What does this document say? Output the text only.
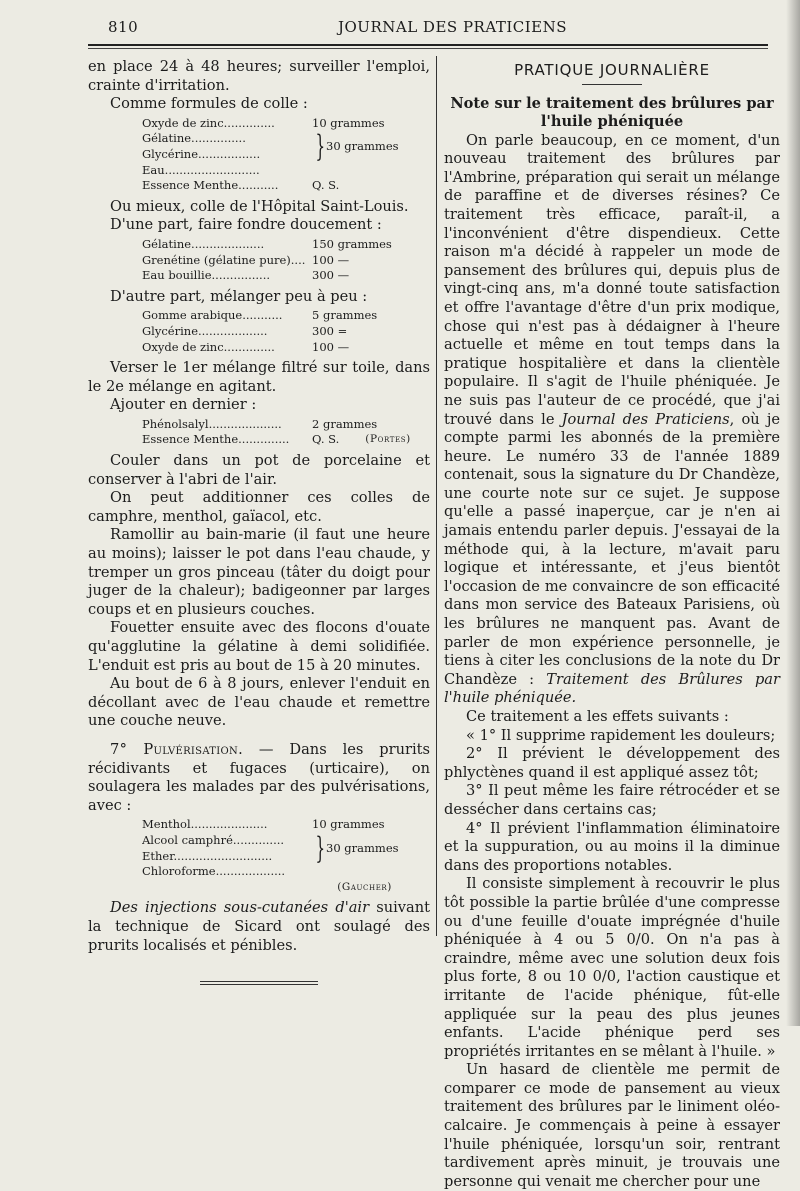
810	JOURNAL DES PRATICIENS

en place 24 à 48 heures; surveiller l'emploi, crainte d'irritation.

Comme formules de colle :

Oxyde de zinc..............	10 grammes
Gélatine...............
Glycérine.................
Eau..........................
} 30 grammes
Essence Menthe...........	Q. S.

Ou mieux, colle de l'Hôpital Saint-Louis.

D'une part, faire fondre doucement :

Gélatine....................	150 grammes
Grenétine (gélatine pure).... 100 —
Eau bouillie................	300 —

D'autre part, mélanger peu à peu :

Gomme arabique...........	5 grammes
Glycérine...................	300 =
Oxyde de zinc..............	100 —

Verser le 1er mélange filtré sur toile, dans le 2e mélange en agitant.

Ajouter en dernier :

Phénolsalyl....................	2 grammes
Essence Menthe..............	Q. S. (Portes)

Couler dans un pot de porcelaine et conserver à l'abri de l'air.

On peut additionner ces colles de camphre, menthol, gaïacol, etc.

Ramollir au bain-marie (il faut une heure au moins); laisser le pot dans l'eau chaude, y tremper un gros pinceau (tâter du doigt pour juger de la chaleur); badigeonner par larges coups et en plusieurs couches.

Fouetter ensuite avec des flocons d'ouate qu'agglutine la gélatine à demi solidifiée. L'enduit est pris au bout de 15 à 20 minutes.

Au bout de 6 à 8 jours, enlever l'enduit en décollant avec de l'eau chaude et remettre une couche neuve.

7° Pulvérisation. — Dans les prurits récidivants et fugaces (urticaire), on soulagera les malades par des pulvérisations, avec :

Menthol.....................	10 grammes
Alcool camphré..............
Ether...........................
Chloroforme...................
} 30 grammes
(Gaucher)

Des injections sous-cutanées d'air suivant la technique de Sicard ont soulagé des prurits localisés et pénibles.

PRATIQUE JOURNALIÈRE
Note sur le traitement des brûlures par l'huile phéniquée

On parle beaucoup, en ce moment, d'un nouveau traitement des brûlures par l'Ambrine, préparation qui serait un mélange de paraffine et de diverses résines? Ce traitement très efficace, paraît-il, a l'inconvénient d'être dispendieux. Cette raison m'a décidé à rappeler un mode de pansement des brûlures qui, depuis plus de vingt-cinq ans, m'a donné toute satisfaction et offre l'avantage d'être d'un prix modique, chose qui n'est pas à dédaigner à l'heure actuelle et même en tout temps dans la pratique hospitalière et dans la clientèle populaire. Il s'agit de l'huile phéniquée. Je ne suis pas l'auteur de ce procédé, que j'ai trouvé dans le Journal des Praticiens, où je compte parmi les abonnés de la première heure. Le numéro 33 de l'année 1889 contenait, sous la signature du Dr Chandèze, une courte note sur ce sujet. Je suppose qu'elle a passé inaperçue, car je n'en ai jamais entendu parler depuis. J'essayai de la méthode qui, à la lecture, m'avait paru logique et intéressante, et j'eus bientôt l'occasion de me convaincre de son efficacité dans mon service des Bateaux Parisiens, où les brûlures ne manquent pas. Avant de parler de mon expérience personnelle, je tiens à citer les conclusions de la note du Dr Chandèze : Traitement des Brûlures par l'huile phéniquée.

Ce traitement a les effets suivants :

« 1° Il supprime rapidement les douleurs;

2° Il prévient le développement des phlyctènes quand il est appliqué assez tôt;

3° Il peut même les faire rétrocéder et se dessécher dans certains cas;

4° Il prévient l'inflammation éliminatoire et la suppuration, ou au moins il la diminue dans des proportions notables.

Il consiste simplement à recouvrir le plus tôt possible la partie brûlée d'une compresse ou d'une feuille d'ouate imprégnée d'huile phéniquée à 4 ou 5 0/0. On n'a pas à craindre, même avec une solution deux fois plus forte, 8 ou 10 0/0, l'action caustique et irritante de l'acide phénique, fût-elle appliquée sur la peau des plus jeunes enfants. L'acide phénique perd ses propriétés irritantes en se mêlant à l'huile. »

Un hasard de clientèle me permit de comparer ce mode de pansement au vieux traitement des brûlures par le liniment oléo-calcaire. Je commençais à peine à essayer l'huile phéniquée, lorsqu'un soir, rentrant tardivement après minuit, je trouvais une personne qui venait me chercher pour une
